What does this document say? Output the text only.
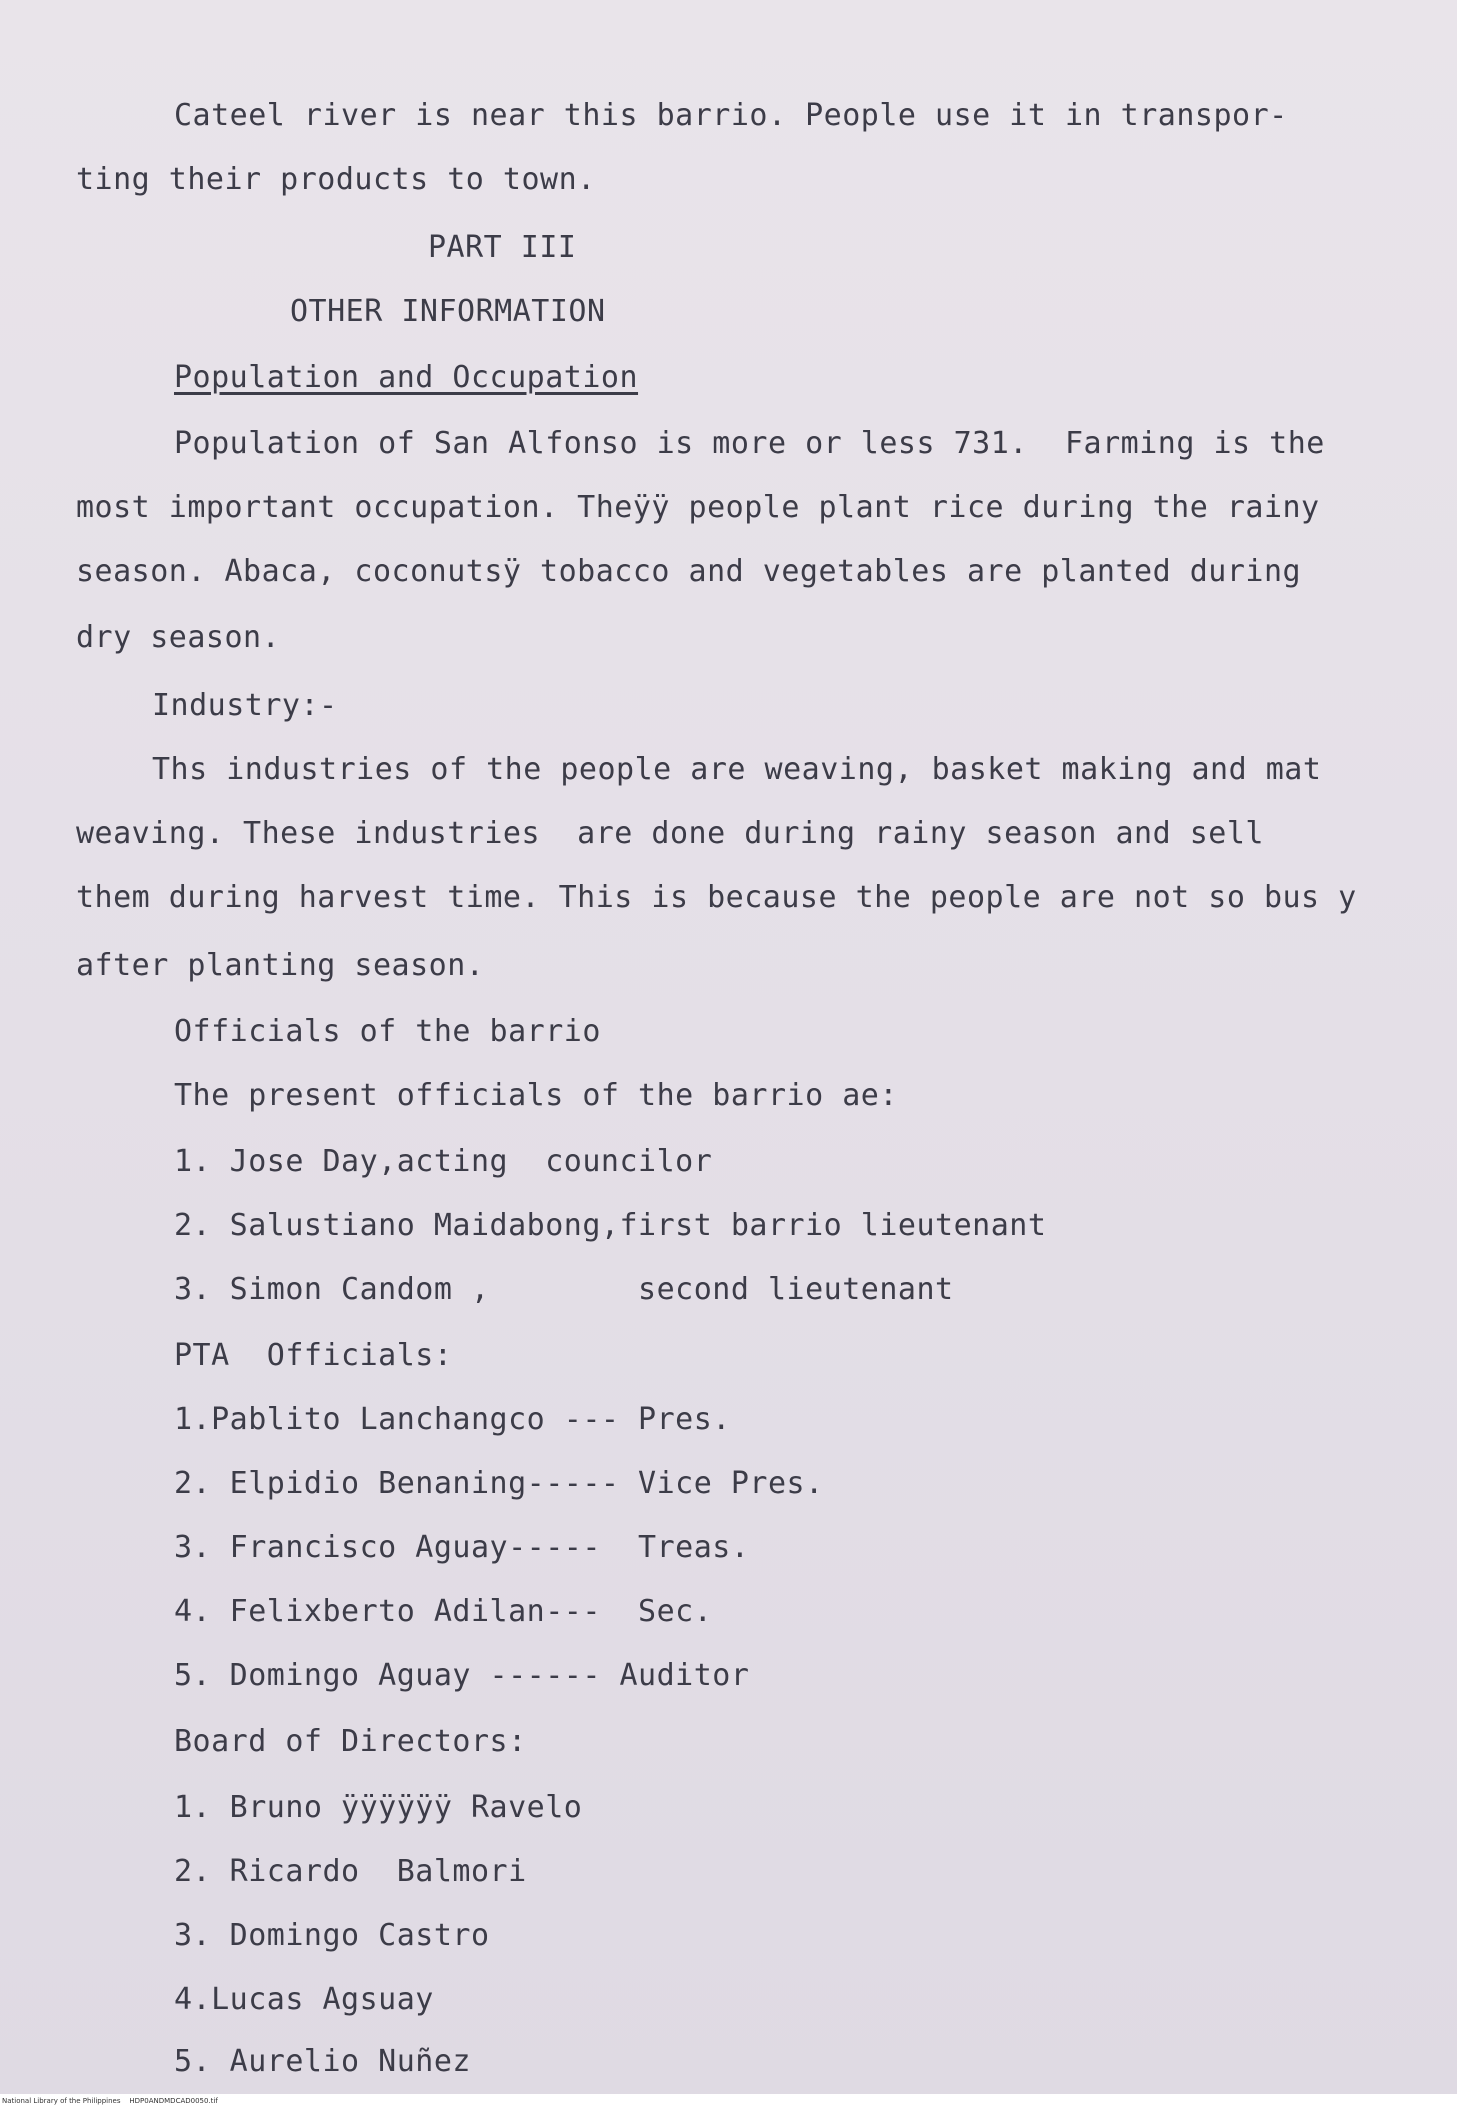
Cateel river is near this barrio. People use it in transpor-
ting their products to town.
PART III
OTHER INFORMATION
Population and Occupation
Population of San Alfonso is more or less 731.  Farming is the
most important occupation. Theÿÿ people plant rice during the rainy
season. Abaca, coconutsÿ tobacco and vegetables are planted during
dry season.
Industry:-
Ths industries of the people are weaving, basket making and mat
weaving. These industries  are done during rainy season and sell
them during harvest time. This is because the people are not so bus y
after planting season.
Officials of the barrio
The present officials of the barrio ae:
1. Jose Day,acting  councilor
2. Salustiano Maidabong,first barrio lieutenant
3. Simon Candom ,        second lieutenant
PTA  Officials:
1.Pablito Lanchangco --- Pres.
2. Elpidio Benaning----- Vice Pres.
3. Francisco Aguay-----  Treas.
4. Felixberto Adilan---  Sec.
5. Domingo Aguay ------ Auditor
Board of Directors:
1. Bruno ÿÿÿÿÿÿ Ravelo
2. Ricardo  Balmori
3. Domingo Castro
4.Lucas Agsuay
5. Aurelio Nuñez
National Library of the Philippines    HDP0ANDMDCAD0050.tif
